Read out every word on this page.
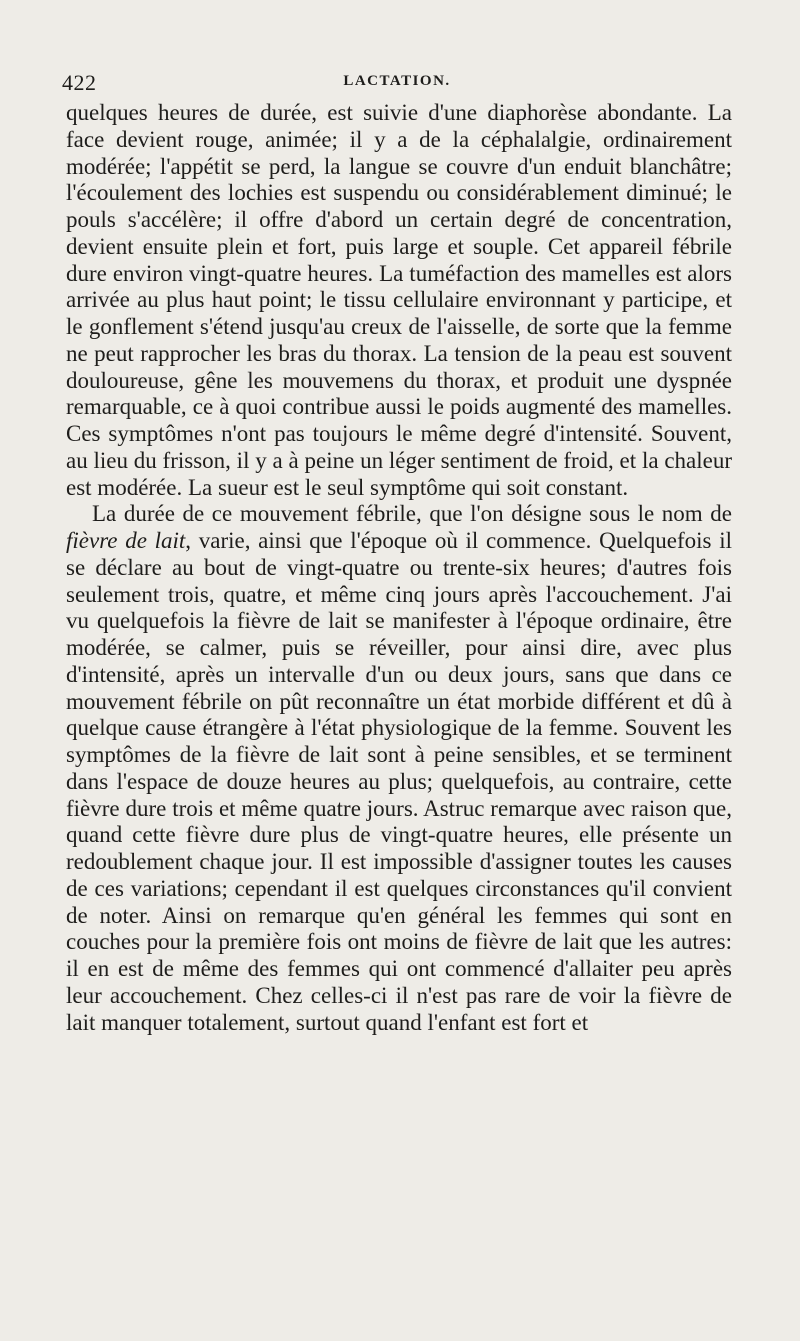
422	LACTATION.

quelques heures de durée, est suivie d'une diaphorèse abondante. La face devient rouge, animée; il y a de la céphalalgie, ordinairement modérée; l'appétit se perd, la langue se couvre d'un enduit blanchâtre; l'écoulement des lochies est suspendu ou considérablement diminué; le pouls s'accélère; il offre d'abord un certain degré de concentration, devient ensuite plein et fort, puis large et souple. Cet appareil fébrile dure environ vingt-quatre heures. La tuméfaction des mamelles est alors arrivée au plus haut point; le tissu cellulaire environnant y participe, et le gonflement s'étend jusqu'au creux de l'aisselle, de sorte que la femme ne peut rapprocher les bras du thorax. La tension de la peau est souvent douloureuse, gêne les mouvemens du thorax, et produit une dyspnée remarquable, ce à quoi contribue aussi le poids augmenté des mamelles. Ces symptômes n'ont pas toujours le même degré d'intensité. Souvent, au lieu du frisson, il y a à peine un léger sentiment de froid, et la chaleur est modérée. La sueur est le seul symptôme qui soit constant.

La durée de ce mouvement fébrile, que l'on désigne sous le nom de fièvre de lait, varie, ainsi que l'époque où il commence. Quelquefois il se déclare au bout de vingt-quatre ou trente-six heures; d'autres fois seulement trois, quatre, et même cinq jours après l'accouchement. J'ai vu quelquefois la fièvre de lait se manifester à l'époque ordinaire, être modérée, se calmer, puis se réveiller, pour ainsi dire, avec plus d'intensité, après un intervalle d'un ou deux jours, sans que dans ce mouvement fébrile on pût reconnaître un état morbide différent et dû à quelque cause étrangère à l'état physiologique de la femme. Souvent les symptômes de la fièvre de lait sont à peine sensibles, et se terminent dans l'espace de douze heures au plus; quelquefois, au contraire, cette fièvre dure trois et même quatre jours. Astruc remarque avec raison que, quand cette fièvre dure plus de vingt-quatre heures, elle présente un redoublement chaque jour. Il est impossible d'assigner toutes les causes de ces variations; cependant il est quelques circonstances qu'il convient de noter. Ainsi on remarque qu'en général les femmes qui sont en couches pour la première fois ont moins de fièvre de lait que les autres: il en est de même des femmes qui ont commencé d'allaiter peu après leur accouchement. Chez celles-ci il n'est pas rare de voir la fièvre de lait manquer totalement, surtout quand l'enfant est fort et
